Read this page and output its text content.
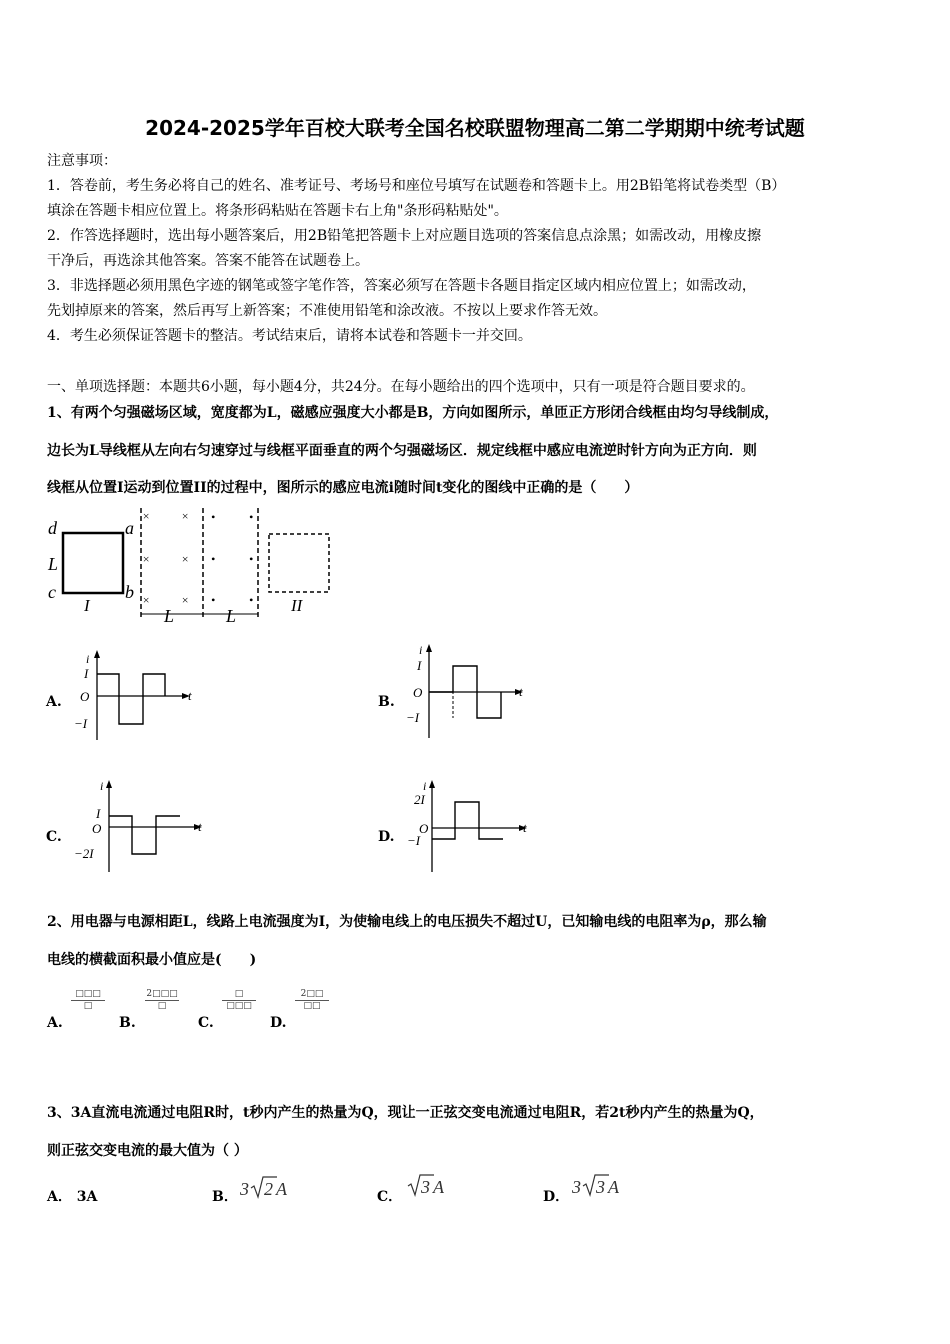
2024-2025学年百校大联考全国名校联盟物理高二第二学期期中统考试题
注意事项：
1．答卷前，考生务必将自己的姓名、准考证号、考场号和座位号填写在试题卷和答题卡上。用2B铅笔将试卷类型（B）
填涂在答题卡相应位置上。将条形码粘贴在答题卡右上角"条形码粘贴处"。
2．作答选择题时，选出每小题答案后，用2B铅笔把答题卡上对应题目选项的答案信息点涂黑；如需改动，用橡皮擦
干净后，再选涂其他答案。答案不能答在试题卷上。
3．非选择题必须用黑色字迹的钢笔或签字笔作答，答案必须写在答题卡各题目指定区域内相应位置上；如需改动，
先划掉原来的答案，然后再写上新答案；不准使用铅笔和涂改液。不按以上要求作答无效。
4．考生必须保证答题卡的整洁。考试结束后，请将本试卷和答题卡一并交回。
一、单项选择题：本题共6小题，每小题4分，共24分。在每小题给出的四个选项中，只有一项是符合题目要求的。
1、有两个匀强磁场区域，宽度都为L，磁感应强度大小都是B，方向如图所示，单匝正方形闭合线框由均匀导线制成，
边长为L导线框从左向右匀速穿过与线框平面垂直的两个匀强磁场区．规定线框中感应电流逆时针方向为正方向．则
线框从位置I运动到位置II的过程中，图所示的感应电流i随时间t变化的图线中正确的是（　　）
d	a
L
c	b
I
×
×
×
×
×
×
•
•
•
•
•
• II
L	L
A.
i
I
O
−I
t	B.
i
I
O
−I
t
C.
i
I
O
−2I
t
D.
i
2I
O
−I
t
2、用电器与电源相距L，线路上电流强度为I，为使输电线上的电压损失不超过U，已知输电线的电阻率为ρ，那么输
电线的横截面积最小值应是(　　)
A.
□□□
□
B.
2□□□
□
C.
□
□□□
D.
2□□
□□
3、3A直流电流通过电阻R时，t秒内产生的热量为Q，现让一正弦交变电流通过电阻R，若2t秒内产生的热量为Q，
则正弦交变电流的最大值为（ ）
A． 3A	B． 3 2 A	C． 3 A	D． 3 3 A
